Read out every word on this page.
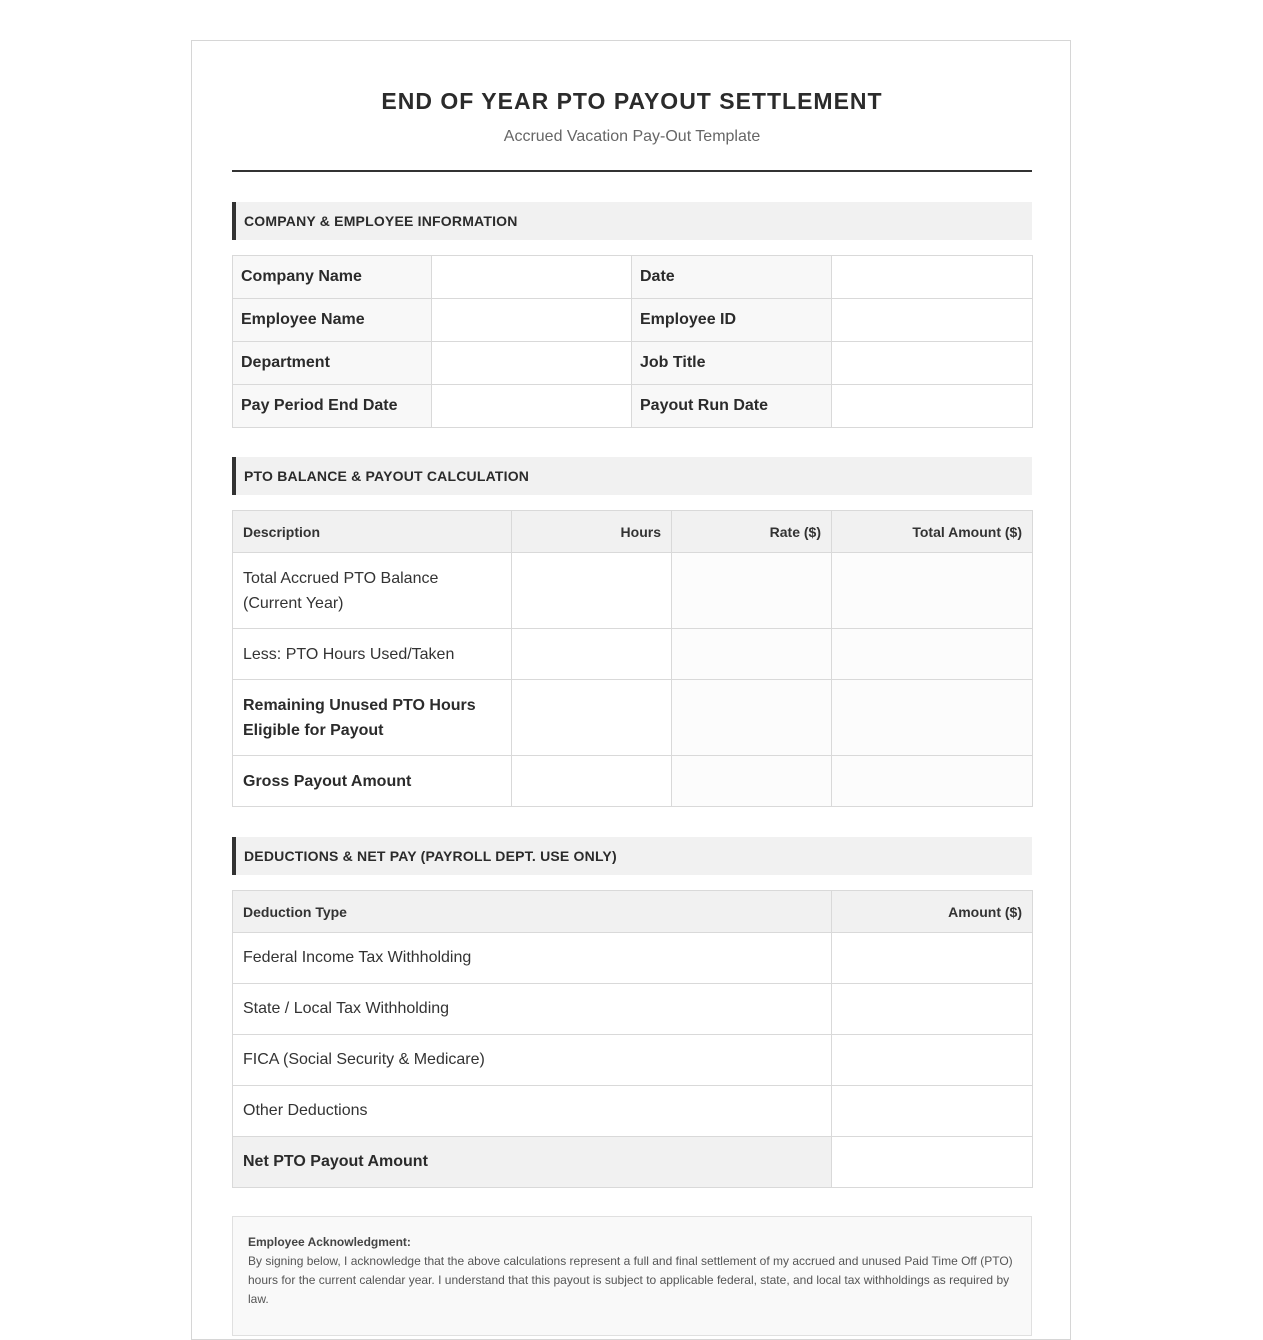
END OF YEAR PTO PAYOUT SETTLEMENT
Accrued Vacation Pay-Out Template
COMPANY & EMPLOYEE INFORMATION
Company Name		Date	
Employee Name		Employee ID	
Department		Job Title	
Pay Period End Date		Payout Run Date	
PTO BALANCE & PAYOUT CALCULATION
Description	Hours	Rate ($)	Total Amount ($)
Total Accrued PTO Balance (Current Year)			
Less: PTO Hours Used/Taken			
Remaining Unused PTO Hours Eligible for Payout			
Gross Payout Amount			
DEDUCTIONS & NET PAY (PAYROLL DEPT. USE ONLY)
Deduction Type	Amount ($)
Federal Income Tax Withholding	
State / Local Tax Withholding	
FICA (Social Security & Medicare)	
Other Deductions	
Net PTO Payout Amount	
Employee Acknowledgment:
By signing below, I acknowledge that the above calculations represent a full and final settlement of my accrued and unused Paid Time Off (PTO) hours for the current calendar year. I understand that this payout is subject to applicable federal, state, and local tax withholdings as required by law.
